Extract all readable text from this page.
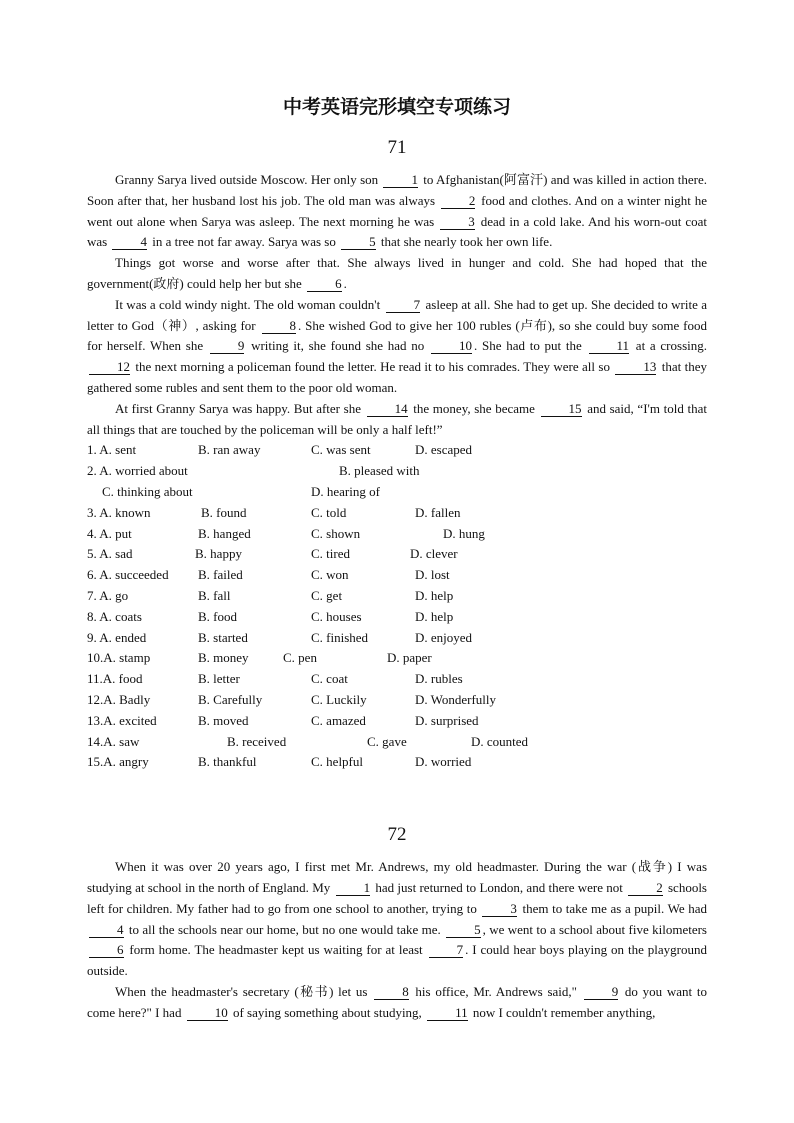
中考英语完形填空专项练习
71

Granny Sarya lived outside Moscow. Her only son 1 to Afghanistan(阿富汗) and was killed in action there. Soon after that, her husband lost his job. The old man was always 2 food and clothes. And on a winter night he went out alone when Sarya was asleep. The next morning he was 3 dead in a cold lake. And his worn-out coat was 4 in a tree not far away. Sarya was so 5 that she nearly took her own life.

Things got worse and worse after that. She always lived in hunger and cold. She had hoped that the government(政府) could help her but she 6 .

It was a cold windy night. The old woman couldn't 7 asleep at all. She had to get up. She decided to write a letter to God（神）, asking for 8 . She wished God to give her 100 rubles (卢布), so she could buy some food for herself. When she 9 writing it, she found she had no 10 . She had to put the 11 at a crossing. 12 the next morning a policeman found the letter. He read it to his comrades. They were all so 13 that they gathered some rubles and sent them to the poor old woman.

At first Granny Sarya was happy. But after she 14 the money, she became 15 and said, “I'm told that all things that are touched by the policeman will be only a half left!”

1. A. sent	B. ran away	C. was sent	D. escaped
2. A. worried about	B. pleased with
C. thinking about	D. hearing of
3. A. known	B. found	C. told	D. fallen
4. A. put	B. hanged	C. shown	D. hung
5. A. sad	B. happy	C. tired	D. clever
6. A. succeeded B. failed	C. won	D. lost
7. A. go	B. fall	C. get	D. help
8. A. coats	B. food	C. houses	D. help
9. A. ended	B. started	C. finished	D. enjoyed
10.A. stamp	B. money	C. pen	D. paper
11.A. food	B. letter	C. coat	D. rubles
12.A. Badly	B. Carefully	C. Luckily	D. Wonderfully
13.A. excited	B. moved	C. amazed	D. surprised
14.A. saw	B. received	C. gave	D. counted
15.A. angry	B. thankful	C. helpful	D. worried
72

When it was over 20 years ago, I first met Mr. Andrews, my old headmaster. During the war (战争) I was studying at school in the north of England. My 1 had just returned to London, and there were not 2 schools left for children. My father had to go from one school to another, trying to 3 them to take me as a pupil. We had 4 to all the schools near our home, but no one would take me. 5 , we went to a school about five kilometers 6 form home. The headmaster kept us waiting for at least 7 . I could hear boys playing on the playground outside.

When the headmaster's secretary (秘书) let us 8 his office, Mr. Andrews said," 9 do you want to come here?" I had 10 of saying something about studying, 11 now I couldn't remember anything,
